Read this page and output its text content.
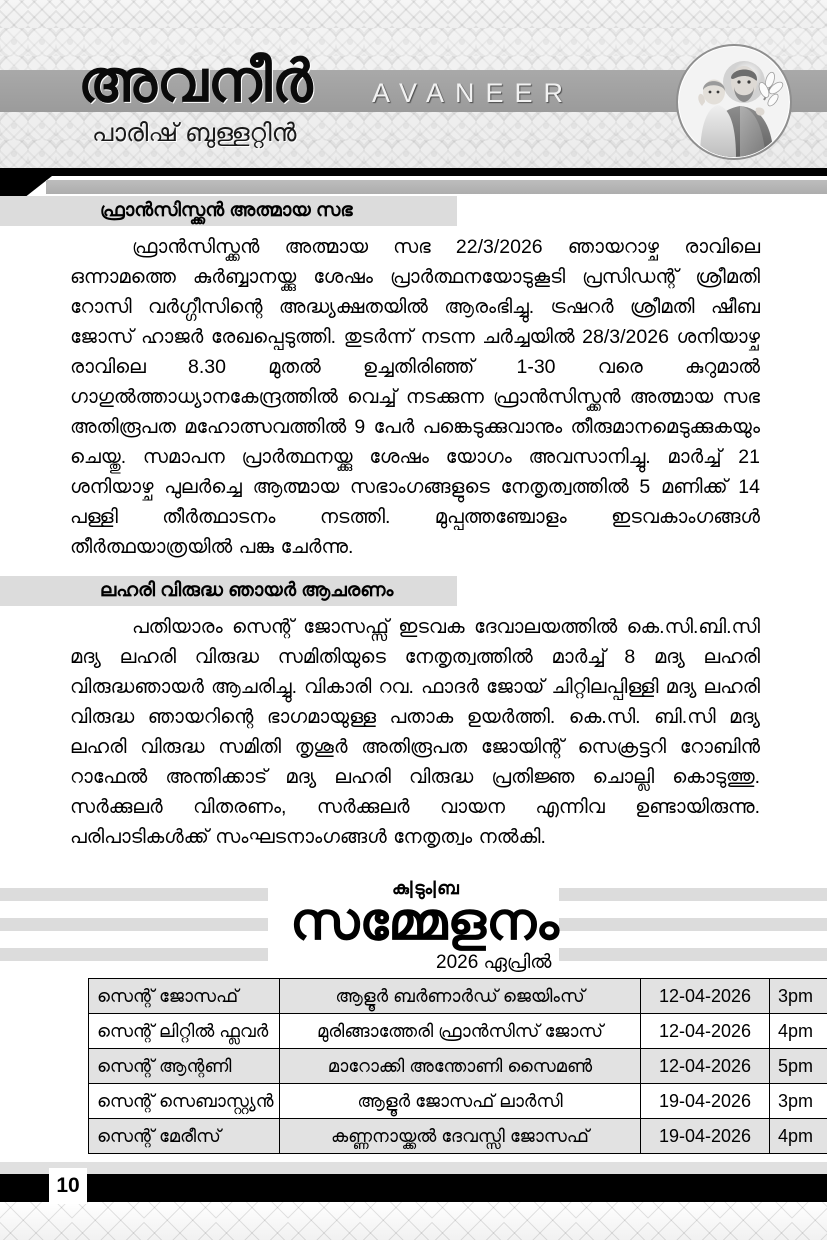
അവനീർ
പാരിഷ് ബുള്ളറ്റിൻ
AVANEER
ഫ്രാൻസിസ്ക്കൻ അത്മായ സഭ

ഫ്രാൻസിസ്ക്കൻ അത്മായ സഭ 22/3/2026 ഞായറാഴ്ച രാവിലെ ഒന്നാമത്തെ കുർബ്ബാനയ്ക്കു ശേഷം പ്രാർത്ഥനയോടുകൂടി പ്രസിഡന്റ് ശ്രീമതി റോസി വർഗ്ഗീസിന്റെ അദ്ധ്യക്ഷതയിൽ ആരംഭിച്ചു. ട്രഷറർ ശ്രീമതി ഷീബ ജോസ് ഹാജർ രേഖപ്പെടുത്തി. തുടർന്ന് നടന്ന ചർച്ചയിൽ 28/3/2026 ശനിയാഴ്ച രാവിലെ 8.30 മുതൽ ഉച്ചതിരിഞ്ഞ് 1-30 വരെ കുറുമാൽ ഗാഗുൽത്താധ്യാനകേന്ദ്രത്തിൽ വെച്ച് നടക്കുന്ന ഫ്രാൻസിസ്ക്കൻ അത്മായ സഭ അതിരൂപത മഹോത്സവത്തിൽ 9 പേർ പങ്കെടുക്കുവാനും തീരുമാനമെടുക്കുകയും ചെയ്തു. സമാപന പ്രാർത്ഥനയ്ക്കു ശേഷം യോഗം അവസാനിച്ചു. മാർച്ച് 21 ശനിയാഴ്ച പുലർച്ചെ ആത്മായ സഭാംഗങ്ങളുടെ നേതൃത്വത്തിൽ 5 മണിക്ക് 14 പള്ളി തീർത്ഥാടനം നടത്തി. മുപ്പത്തഞ്ചോളം ഇടവകാംഗങ്ങൾ തീർത്ഥയാത്രയിൽ പങ്കു ചേർന്നു.

ലഹരി വിരുദ്ധ ഞായർ ആചരണം

പതിയാരം സെന്റ് ജോസഫ്സ് ഇടവക ദേവാലയത്തിൽ കെ.സി.ബി.സി മദ്യ ലഹരി വിരുദ്ധ സമിതിയുടെ നേതൃത്വത്തിൽ മാർച്ച് 8 മദ്യ ലഹരി വിരുദ്ധഞായർ ആചരിച്ചു. വികാരി റവ. ഫാദർ ജോയ് ചിറ്റിലപ്പിള്ളി മദ്യ ലഹരി വിരുദ്ധ ഞായറിന്റെ ഭാഗമായുള്ള പതാക ഉയർത്തി. കെ.സി. ബി.സി മദ്യ ലഹരി വിരുദ്ധ സമിതി തൃശൂർ അതിരൂപത ജോയിന്റ് സെക്രട്ടറി റോബിൻ റാഫേൽ അന്തിക്കാട് മദ്യ ലഹരി വിരുദ്ധ പ്രതിജ്ഞ ചൊല്ലി കൊടുത്തു. സർക്കുലർ വിതരണം, സർക്കുലർ വായന എന്നിവ ഉണ്ടായിരുന്നു. പരിപാടികൾക്ക് സംഘടനാംഗങ്ങൾ നേതൃത്വം നൽകി.

കു|ടും|ബ
സമ്മേളനം
2026 ഏപ്രിൽ
സെന്റ് ജോസഫ്	ആളൂർ ബർണാർഡ് ജെയിംസ്	12-04-2026	3pm
സെന്റ് ലിറ്റിൽ ഫ്ലവർ	മുരിങ്ങാത്തേരി ഫ്രാൻസിസ് ജോസ്	12-04-2026	4pm
സെന്റ് ആന്റണി	മാറോക്കി അന്തോണി സൈമൺ	12-04-2026	5pm
സെന്റ് സെബാസ്റ്റ്യൻ	ആളൂർ ജോസഫ് ലാർസി	19-04-2026	3pm
സെന്റ് മേരീസ്	കണ്ണനായ്ക്കൽ ദേവസ്സി ജോസഫ്	19-04-2026	4pm
10
